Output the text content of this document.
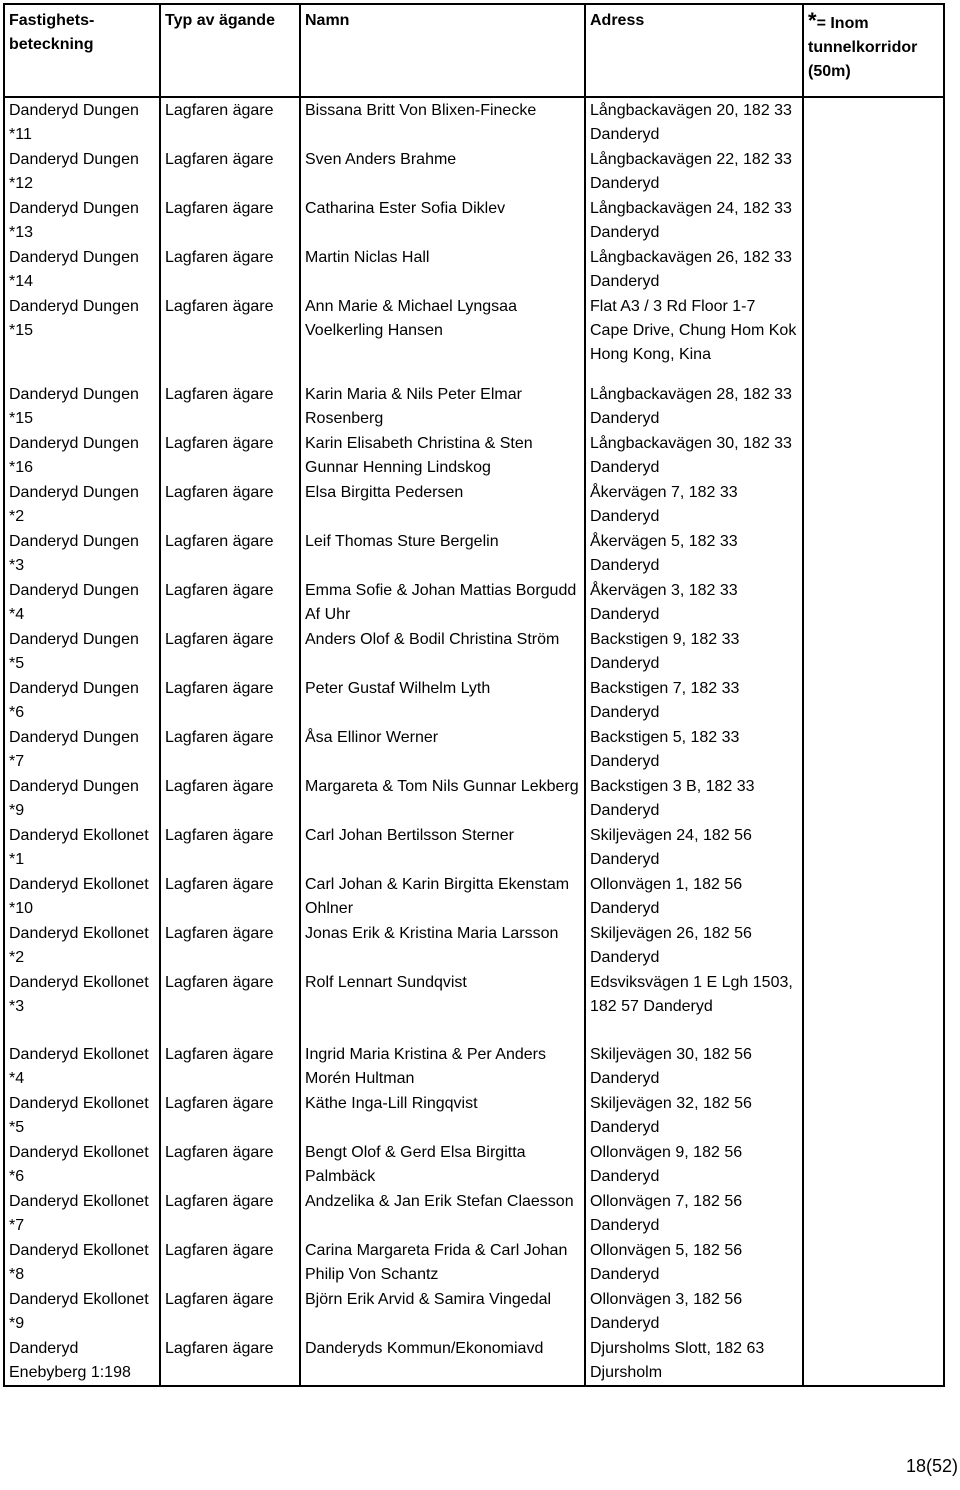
Fastighets-beteckning	Typ av ägande	Namn	Adress	*= Inom tunnelkorridor (50m)
Danderyd Dungen *11	Lagfaren ägare	Bissana Britt Von Blixen-Finecke	Långbackavägen 20, 182 33 Danderyd	
Danderyd Dungen *12	Lagfaren ägare	Sven Anders Brahme	Långbackavägen 22, 182 33 Danderyd	
Danderyd Dungen *13	Lagfaren ägare	Catharina Ester Sofia Diklev	Långbackavägen 24, 182 33 Danderyd	
Danderyd Dungen *14	Lagfaren ägare	Martin Niclas Hall	Långbackavägen 26, 182 33 Danderyd	
Danderyd Dungen *15	Lagfaren ägare	Ann Marie & Michael Lyngsaa Voelkerling Hansen	Flat A3 / 3 Rd Floor 1-7 Cape Drive, Chung Hom Kok Hong Kong, Kina	
Danderyd Dungen *15	Lagfaren ägare	Karin Maria & Nils Peter Elmar Rosenberg	Långbackavägen 28, 182 33 Danderyd	
Danderyd Dungen *16	Lagfaren ägare	Karin Elisabeth Christina & Sten Gunnar Henning Lindskog	Långbackavägen 30, 182 33 Danderyd	
Danderyd Dungen *2	Lagfaren ägare	Elsa Birgitta Pedersen	Åkervägen 7, 182 33 Danderyd	
Danderyd Dungen *3	Lagfaren ägare	Leif Thomas Sture Bergelin	Åkervägen 5, 182 33 Danderyd	
Danderyd Dungen *4	Lagfaren ägare	Emma Sofie & Johan Mattias Borgudd Af Uhr	Åkervägen 3, 182 33 Danderyd	
Danderyd Dungen *5	Lagfaren ägare	Anders Olof & Bodil Christina Ström	Backstigen 9, 182 33 Danderyd	
Danderyd Dungen *6	Lagfaren ägare	Peter Gustaf Wilhelm Lyth	Backstigen 7, 182 33 Danderyd	
Danderyd Dungen *7	Lagfaren ägare	Åsa Ellinor Werner	Backstigen 5, 182 33 Danderyd	
Danderyd Dungen *9	Lagfaren ägare	Margareta & Tom Nils Gunnar Lekberg	Backstigen 3 B, 182 33 Danderyd	
Danderyd Ekollonet *1	Lagfaren ägare	Carl Johan Bertilsson Sterner	Skiljevägen 24, 182 56 Danderyd	
Danderyd Ekollonet *10	Lagfaren ägare	Carl Johan & Karin Birgitta Ekenstam Ohlner	Ollonvägen 1, 182 56 Danderyd	
Danderyd Ekollonet *2	Lagfaren ägare	Jonas Erik & Kristina Maria Larsson	Skiljevägen 26, 182 56 Danderyd	
Danderyd Ekollonet *3	Lagfaren ägare	Rolf Lennart Sundqvist	Edsviksvägen 1 E Lgh 1503, 182 57 Danderyd	
Danderyd Ekollonet *4	Lagfaren ägare	Ingrid Maria Kristina & Per Anders Morén Hultman	Skiljevägen 30, 182 56 Danderyd	
Danderyd Ekollonet *5	Lagfaren ägare	Käthe Inga-Lill Ringqvist	Skiljevägen 32, 182 56 Danderyd	
Danderyd Ekollonet *6	Lagfaren ägare	Bengt Olof & Gerd Elsa Birgitta Palmbäck	Ollonvägen 9, 182 56 Danderyd	
Danderyd Ekollonet *7	Lagfaren ägare	Andzelika & Jan Erik Stefan Claesson	Ollonvägen 7, 182 56 Danderyd	
Danderyd Ekollonet *8	Lagfaren ägare	Carina Margareta Frida & Carl Johan Philip Von Schantz	Ollonvägen 5, 182 56 Danderyd	
Danderyd Ekollonet *9	Lagfaren ägare	Björn Erik Arvid & Samira Vingedal	Ollonvägen 3, 182 56 Danderyd	
Danderyd Enebyberg 1:198	Lagfaren ägare	Danderyds Kommun/Ekonomiavd	Djursholms Slott, 182 63 Djursholm	
18(52)
